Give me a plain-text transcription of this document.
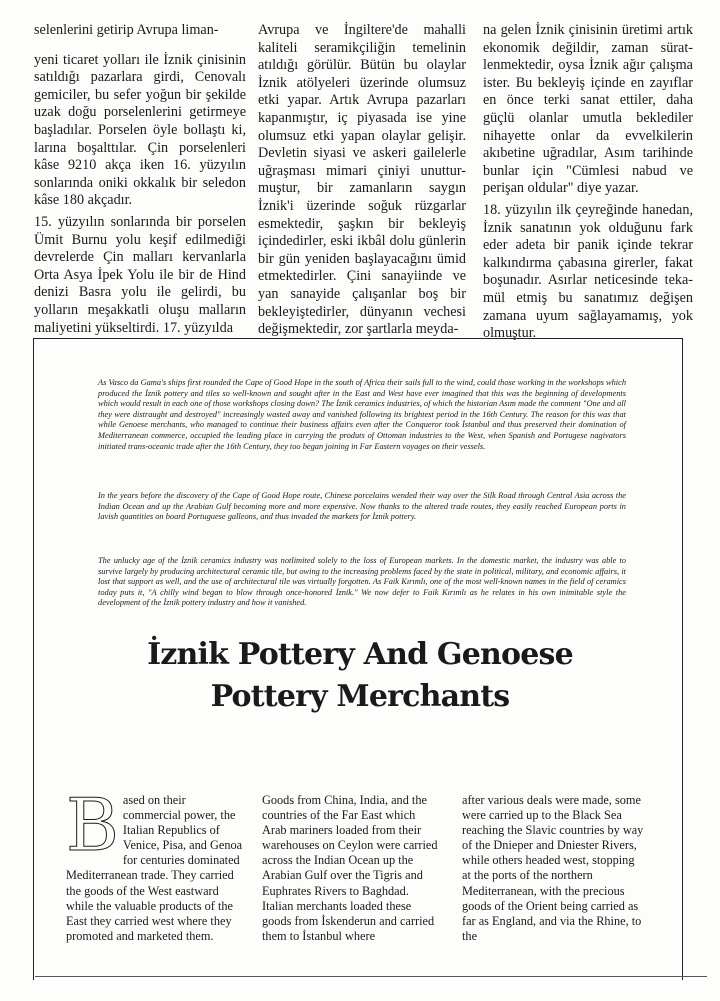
selenlerini getirip Avrupa liman-

yeni ticaret yolları ile İznik çinisinin satıldığı pazarlara girdi, Cenovalı gemiciler, bu sefer yoğun bir şekilde uzak doğu porselenlerini getirmeye başladılar. Porselen öyle bollaştı ki, larına boşalttılar. Çin porselenleri kâse 9210 akça iken 16. yüzyılın sonlarında oniki okkalık bir seledon kâse 180 akçadır.

15. yüzyılın sonlarında bir porselen Ümit Burnu yolu keşif edilmediği devrelerde Çin malları kervanlarla Orta Asya İpek Yolu ile bir de Hind denizi Basra yolu ile gelirdi, bu yolların meşakkatli oluşu malların maliyetini yükseltirdi. 17. yüzyılda

Avrupa ve İngiltere'de mahalli kaliteli seramikçiliğin temelinin atıldığı görülür. Bütün bu olaylar İznik atölyeleri üzerinde olumsuz etki yapar. Artık Avrupa pazarları kapanmıştır, iç piyasada ise yine olumsuz etki yapan olaylar gelişir. Devletin siyasi ve askeri gailelerle uğraşması mimari çiniyi unuttur-muştur, bir zamanların saygın İznik'i üzerinde soğuk rüzgarlar esmektedir, şaşkın bir bekleyiş içindedirler, eski ikbâl dolu günlerin bir gün yeniden başlayacağını ümid etmektedirler. Çini sanayiinde ve yan sanayide çalışanlar boş bir bekleyiştedirler, dünyanın vechesi değişmektedir, zor şartlarla meyda-

na gelen İznik çinisinin üretimi artık ekonomik değildir, zaman sürat-lenmektedir, oysa İznik ağır çalışma ister. Bu bekleyiş içinde en zayıflar en önce terki sanat ettiler, daha güçlü olanlar umutla beklediler nihayette onlar da evvelkilerin akıbetine uğradılar, Asım tarihinde bunlar için "Cümlesi nabud ve perişan oldular" diye yazar.

18. yüzyılın ilk çeyreğinde hanedan, İznik sanatının yok olduğunu fark eder adeta bir panik içinde tekrar kalkındırma çabasına girerler, fakat boşunadır. Asırlar neticesinde teka-mül etmiş bu sanatımız değişen zamana uyum sağlayamamış, yok olmuştur.

As Vasco da Gama's ships first rounded the Cape of Good Hope in the south of Africa their sails full to the wind, could those working in the workshops which produced the İznik pottery and tiles so well-known and sought after in the East and West have ever imagined that this was the beginning of developments which would result in each one of those workshops closing down? The İznik ceramics industries, of which the historian Asım made the comment "One and all they were distraught and destroyed" increasingly wasted away and vanished following its brightest period in the 16th Century. The reason for this was that while Genoese merchants, who managed to continue their business affairs even after the Conqueror took İstanbul and thus preserved their domination of Mediterranean commerce, occupied the leading place in carrying the produts of Ottoman industries to the West, when Spanish and Portugese nagivators initiated trans-oceanic trade after the 16th Century, they too began joining in Far Eastern voyages on their vessels.

In the years before the discovery of the Cape of Good Hope route, Chinese porcelains wended their way over the Silk Road through Central Asia across the Indian Ocean and up the Arabian Gulf becoming more and more expensive. Now thanks to the altered trade routes, they easily reached European ports in lavish quantities on board Portuguese galleons, and thus invaded the markets for İznik pottery.

The unlucky age of the İznik ceramics industry was notlimited solely to the loss of European markets. In the domestic market, the industry was able to survive largely by producing architectural ceramic tile, but owing to the increasing problems faced by the state in political, military, and economic affairs, it lost that support as well, and the use of architectural tile was virtually forgotten. As Faik Kırımlı, one of the most well-known names in the field of ceramics today puts it, "A chilly wind began to blow through once-honored İznik." We now defer to Faik Kırımlı as he relates in his own inimitable style the development of the İznik pottery industry and how it vanished.

İznik Pottery And Genoese
Pottery Merchants

Based on their commercial power, the Italian Republics of Venice, Pisa, and Genoa for centuries dominated Mediterranean trade. They carried the goods of the West eastward while the valuable products of the East they carried west where they promoted and marketed them.

Goods from China, India, and the countries of the Far East which Arab mariners loaded from their warehouses on Ceylon were carried across the Indian Ocean up the Arabian Gulf over the Tigris and Euphrates Rivers to Baghdad. Italian merchants loaded these goods from İskenderun and carried them to İstanbul where

after various deals were made, some were carried up to the Black Sea reaching the Slavic countries by way of the Dnieper and Dniester Rivers, while others headed west, stopping at the ports of the northern Mediterranean, with the precious goods of the Orient being carried as far as England, and via the Rhine, to the
